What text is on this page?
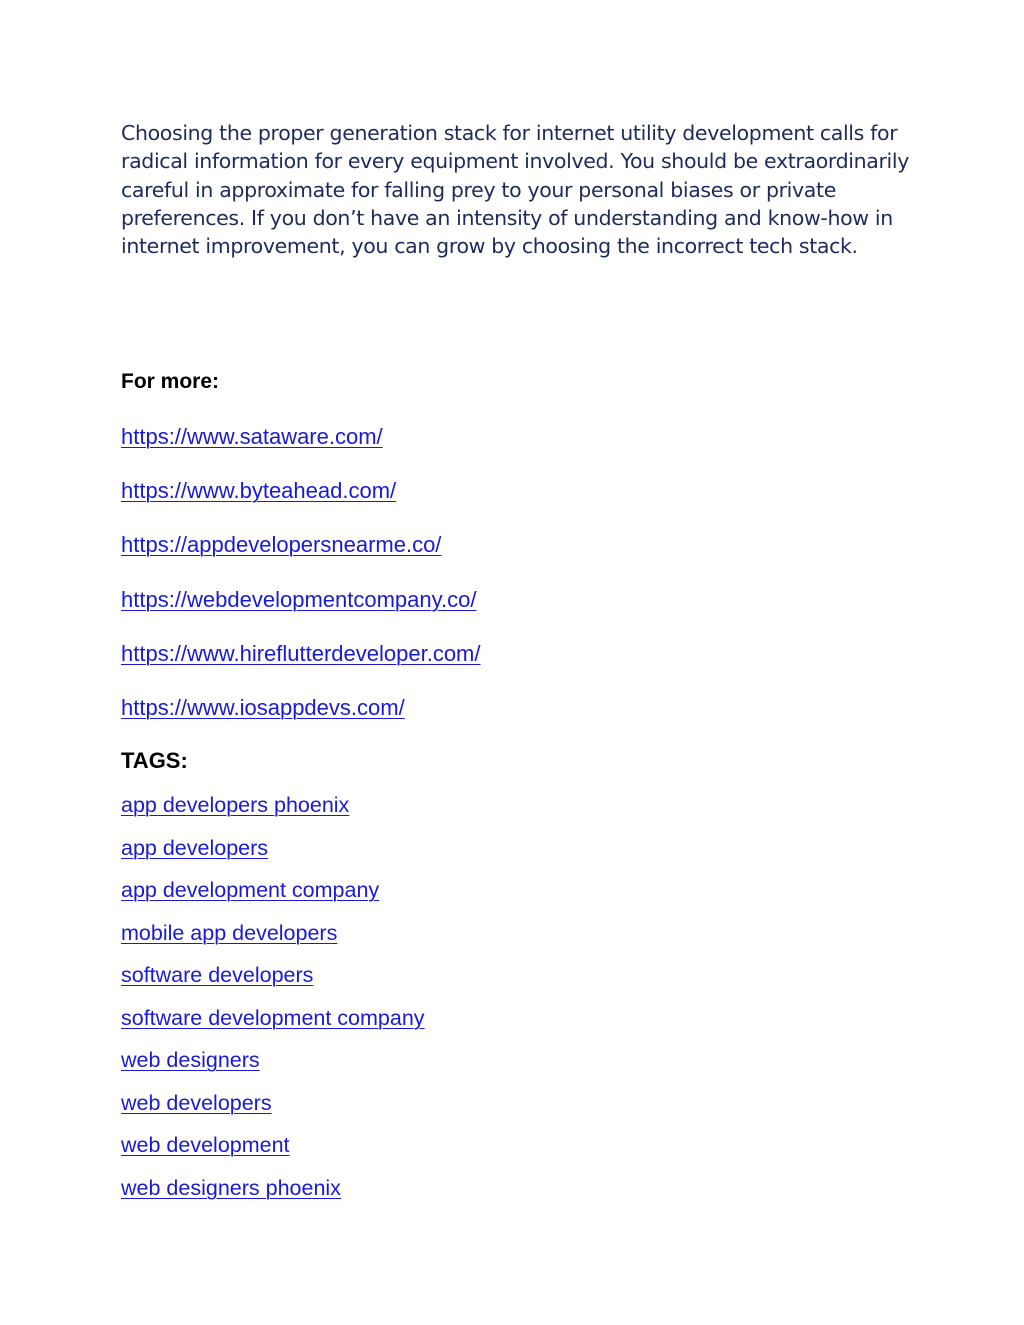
Choosing the proper generation stack for internet utility development calls for radical information for every equipment involved. You should be extraordinarily careful in approximate for falling prey to your personal biases or private preferences. If you don’t have an intensity of understanding and know-how in internet improvement, you can grow by choosing the incorrect tech stack.

For more:

https://www.sataware.com/
https://www.byteahead.com/
https://appdevelopersnearme.co/
https://webdevelopmentcompany.co/
https://www.hireflutterdeveloper.com/
https://www.iosappdevs.com/

TAGS:

app developers phoenix
app developers
app development company
mobile app developers
software developers
software development company
web designers
web developers
web development
web designers phoenix
